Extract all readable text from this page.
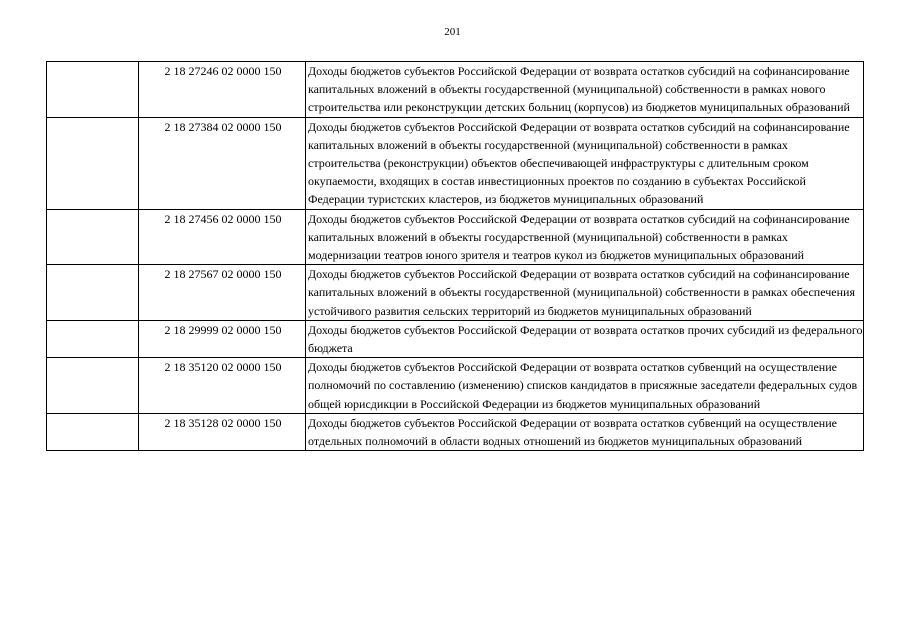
201
	2 18 27246 02 0000 150	Доходы бюджетов субъектов Российской Федерации от возврата остатков субсидий на софинансирование капитальных вложений в объекты государственной (муниципальной) собственности в рамках нового строительства или реконструкции детских больниц (корпусов) из бюджетов муниципальных образований
	2 18 27384 02 0000 150	Доходы бюджетов субъектов Российской Федерации от возврата остатков субсидий на софинансирование капитальных вложений в объекты государственной (муниципальной) собственности в рамках строительства (реконструкции) объектов обеспечивающей инфраструктуры с длительным сроком окупаемости, входящих в состав инвестиционных проектов по созданию в субъектах Российской Федерации туристских кластеров, из бюджетов муниципальных образований
	2 18 27456 02 0000 150	Доходы бюджетов субъектов Российской Федерации от возврата остатков субсидий на софинансирование капитальных вложений в объекты государственной (муниципальной) собственности в рамках модернизации театров юного зрителя и театров кукол из бюджетов муниципальных образований
	2 18 27567 02 0000 150	Доходы бюджетов субъектов Российской Федерации от возврата остатков субсидий на софинансирование капитальных вложений в объекты государственной (муниципальной) собственности в рамках обеспечения устойчивого развития сельских территорий из бюджетов муниципальных образований
	2 18 29999 02 0000 150	Доходы бюджетов субъектов Российской Федерации от возврата остатков прочих субсидий из федерального бюджета
	2 18 35120 02 0000 150	Доходы бюджетов субъектов Российской Федерации от возврата остатков субвенций на осуществление полномочий по составлению (изменению) списков кандидатов в присяжные заседатели федеральных судов общей юрисдикции в Российской Федерации из бюджетов муниципальных образований
	2 18 35128 02 0000 150	Доходы бюджетов субъектов Российской Федерации от возврата остатков субвенций на осуществление отдельных полномочий в области водных отношений из бюджетов муниципальных образований
